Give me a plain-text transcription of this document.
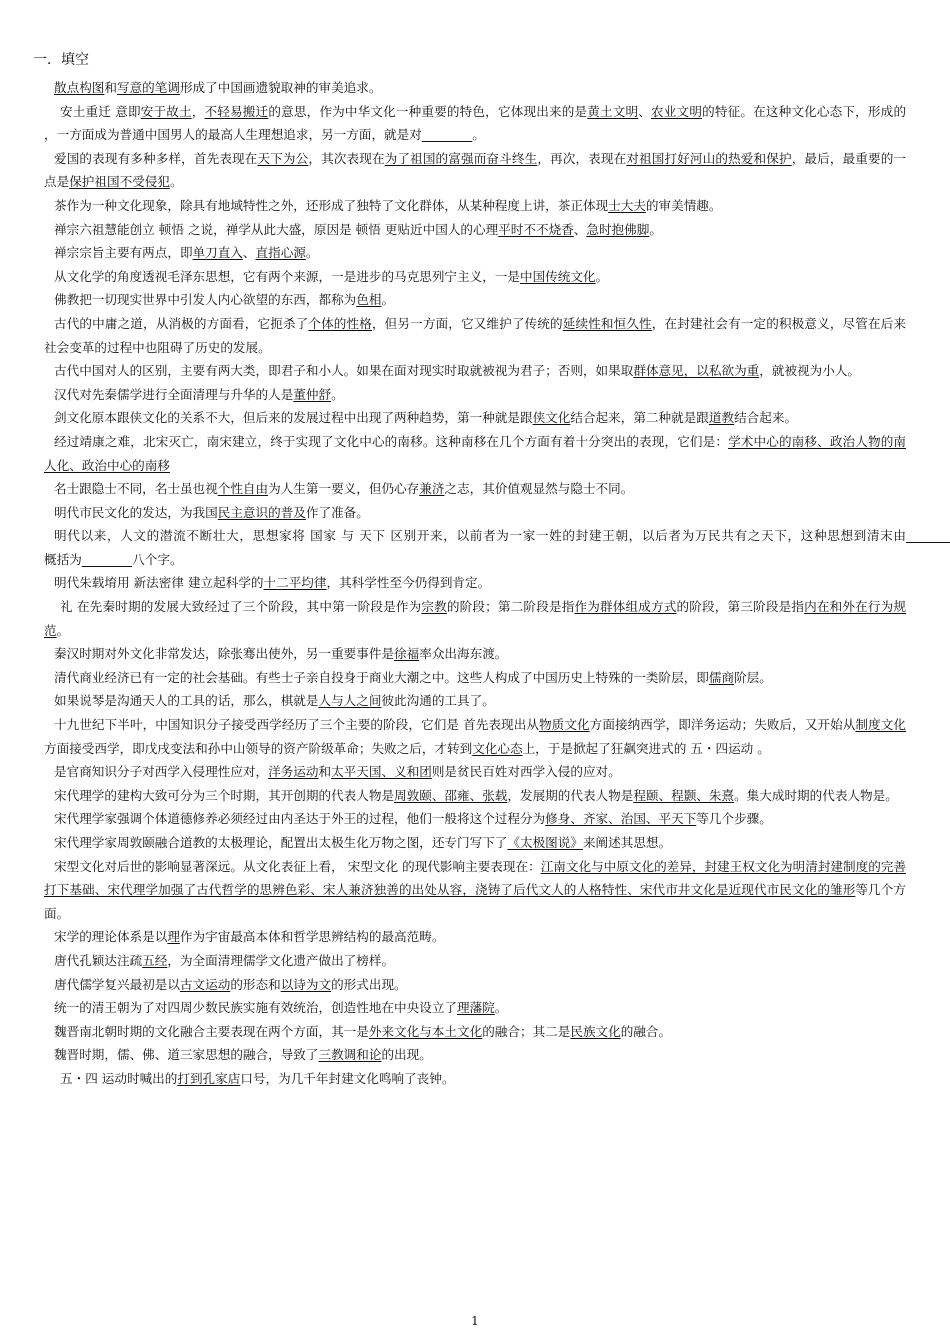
一．填空

散点构图和写意的笔调形成了中国画遗貌取神的审美追求。

安土重迁 意即安于故土，不轻易搬迁的意思，作为中华文化一种重要的特色，它体现出来的是黄土文明、农业文明的特征。在这种文化心态下，形成的 ，一方面成为普通中国男人的最高人生理想追求，另一方面，就是对　　　　	。

爱国的表现有多种多样，首先表现在天下为公，其次表现在为了祖国的富强而奋斗终生，再次，表现在对祖国打好河山的热爱和保护，最后，最重要的一点是保护祖国不受侵犯。

茶作为一种文化现象，除具有地域特性之外，还形成了独特了文化群体，从某种程度上讲，茶正体现士大夫的审美情趣。

禅宗六祖慧能创立 顿悟 之说，禅学从此大盛，原因是 顿悟 更贴近中国人的心理平时不不烧香、急时抱佛脚。

禅宗宗旨主要有两点，即单刀直入、直指心源。

从文化学的角度透视毛泽东思想，它有两个来源，一是进步的马克思列宁主义，一是中国传统文化。

佛教把一切现实世界中引发人内心欲望的东西，都称为色相。

古代的中庸之道，从消极的方面看，它扼杀了个体的性格，但另一方面，它又维护了传统的延续性和恒久性，在封建社会有一定的积极意义，尽管在后来社会变革的过程中也阻碍了历史的发展。

古代中国对人的区别，主要有两大类，即君子和小人。如果在面对现实时取就被视为君子；否则，如果取群体意见，以私欲为重，就被视为小人。

汉代对先秦儒学进行全面清理与升华的人是董仲舒。

剑文化原本跟侠文化的关系不大，但后来的发展过程中出现了两种趋势，第一种就是跟侠文化结合起来，第二种就是跟道教结合起来。

经过靖康之难，北宋灭亡，南宋建立，终于实现了文化中心的南移。这种南移在几个方面有着十分突出的表现，它们是：学术中心的南移、政治人物的南人化、政治中心的南移

名士跟隐士不同，名士虽也视个性自由为人生第一要义，但仍心存兼济之志，其价值观显然与隐士不同。

明代市民文化的发达，为我国民主意识的普及作了准备。

明代以来，人文的潜流不断壮大，思想家将 国家 与 天下 区别开来，以前者为一家一姓的封建王朝，以后者为万民共有之天下，这种思想到清末由　　　　概括为　　　　	八个字。

明代朱载堉用 新法密律 建立起科学的十二平均律，其科学性至今仍得到肯定。

礼 在先秦时期的发展大致经过了三个阶段，其中第一阶段是作为宗教的阶段；第二阶段是指作为群体组成方式的阶段，第三阶段是指内在和外在行为规范。

秦汉时期对外文化非常发达，除张骞出使外，另一重要事件是徐福率众出海东渡。

清代商业经济已有一定的社会基础。有些士子亲自投身于商业大潮之中。这些人构成了中国历史上特殊的一类阶层，即儒商阶层。

如果说琴是沟通天人的工具的话，那么，棋就是人与人之间彼此沟通的工具了。

十九世纪下半叶，中国知识分子接受西学经历了三个主要的阶段，它们是 首先表现出从物质文化方面接纳西学，即洋务运动；失败后，又开始从制度文化方面接受西学，即戊戌变法和孙中山领导的资产阶级革命；失败之后，才转到文化心态上，于是掀起了狂飙突进式的 五・四运动 。

是官商知识分子对西学入侵理性应对，洋务运动和太平天国、义和团则是贫民百姓对西学入侵的应对。

宋代理学的建构大致可分为三个时期，其开创期的代表人物是周敦颐、邵雍、张载，发展期的代表人物是程颐、程颢、朱熹。集大成时期的代表人物是。

宋代理学家强调个体道德修养必须经过由内圣达于外王的过程，他们一般将这个过程分为修身、齐家、治国、平天下等几个步骤。

宋代理学家周敦颐融合道教的太极理论，配置出太极生化万物之图，还专门写下了《太极图说》来阐述其思想。

宋型文化对后世的影响显著深远。从文化表征上看， 宋型文化 的现代影响主要表现在：江南文化与中原文化的差异，封建王权文化为明清封建制度的完善打下基础、宋代理学加强了古代哲学的思辨色彩、宋人兼济独善的出处从容，浇铸了后代文人的人格特性、宋代市井文化是近现代市民文化的雏形等几个方面。

宋学的理论体系是以理作为宇宙最高本体和哲学思辨结构的最高范畴。

唐代孔颖达注疏五经，为全面清理儒学文化遗产做出了榜样。

唐代儒学复兴最初是以古文运动的形态和以诗为文的形式出现。

统一的清王朝为了对四周少数民族实施有效统治，创造性地在中央设立了理藩院。

魏晋南北朝时期的文化融合主要表现在两个方面，其一是外来文化与本土文化的融合；其二是民族文化的融合。

魏晋时期，儒、佛、道三家思想的融合，导致了三教调和论的出现。

五・四 运动时喊出的打到孔家店口号，为几千年封建文化鸣响了丧钟。

1
